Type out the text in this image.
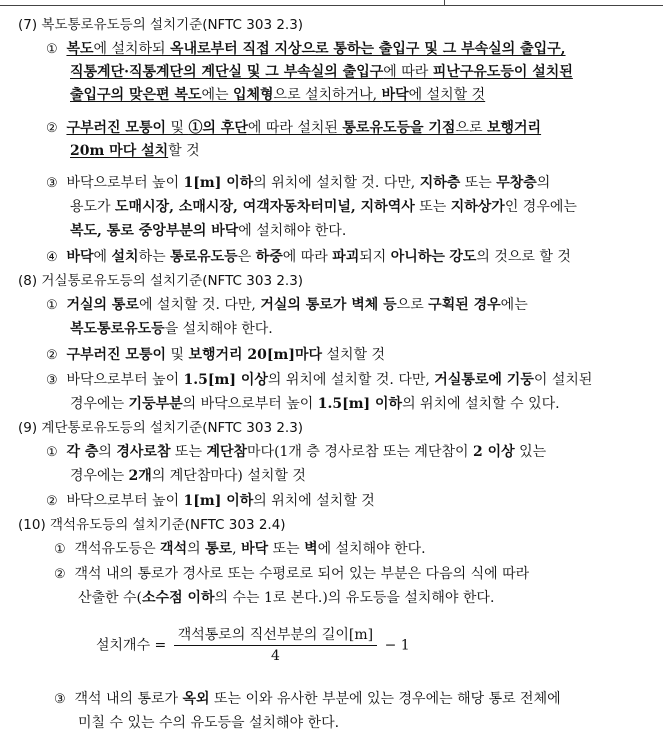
(7) 복도통로유도등의 설치기준(NFTC 303 2.3)
① 복도에 설치하되 옥내로부터 직접 지상으로 통하는 출입구 및 그 부속실의 출입구,
직통계단·직통계단의 계단실 및 그 부속실의 출입구에 따라 피난구유도등이 설치된
출입구의 맞은편 복도에는 입체형으로 설치하거나, 바닥에 설치할 것
② 구부러진 모퉁이 및 ①의 후단에 따라 설치된 통로유도등을 기점으로 보행거리
20m 마다 설치할 것
③ 바닥으로부터 높이 1[m] 이하의 위치에 설치할 것. 다만, 지하층 또는 무창층의
용도가 도매시장, 소매시장, 여객자동차터미널, 지하역사 또는 지하상가인 경우에는
복도, 통로 중앙부분의 바닥에 설치해야 한다.
④ 바닥에 설치하는 통로유도등은 하중에 따라 파괴되지 아니하는 강도의 것으로 할 것
(8) 거실통로유도등의 설치기준(NFTC 303 2.3)
① 거실의 통로에 설치할 것. 다만, 거실의 통로가 벽체 등으로 구획된 경우에는
복도통로유도등을 설치해야 한다.
② 구부러진 모퉁이 및 보행거리 20[m]마다 설치할 것
③ 바닥으로부터 높이 1.5[m] 이상의 위치에 설치할 것. 다만, 거실통로에 기둥이 설치된
경우에는 기둥부분의 바닥으로부터 높이 1.5[m] 이하의 위치에 설치할 수 있다.
(9) 계단통로유도등의 설치기준(NFTC 303 2.3)
① 각 층의 경사로참 또는 계단참마다(1개 층 경사로참 또는 계단참이 2 이상 있는
경우에는 2개의 계단참마다) 설치할 것
② 바닥으로부터 높이 1[m] 이하의 위치에 설치할 것
(10) 객석유도등의 설치기준(NFTC 303 2.4)
① 객석유도등은 객석의 통로, 바닥 또는 벽에 설치해야 한다.
② 객석 내의 통로가 경사로 또는 수평로로 되어 있는 부분은 다음의 식에 따라
산출한 수(소수점 이하의 수는 1로 본다.)의 유도등을 설치해야 한다.
설치개수 = $\frac{\text{객석통로의 직선부분의 길이[m]}}{4} - 1$
③ 객석 내의 통로가 옥외 또는 이와 유사한 부분에 있는 경우에는 해당 통로 전체에
미칠 수 있는 수의 유도등을 설치해야 한다.
